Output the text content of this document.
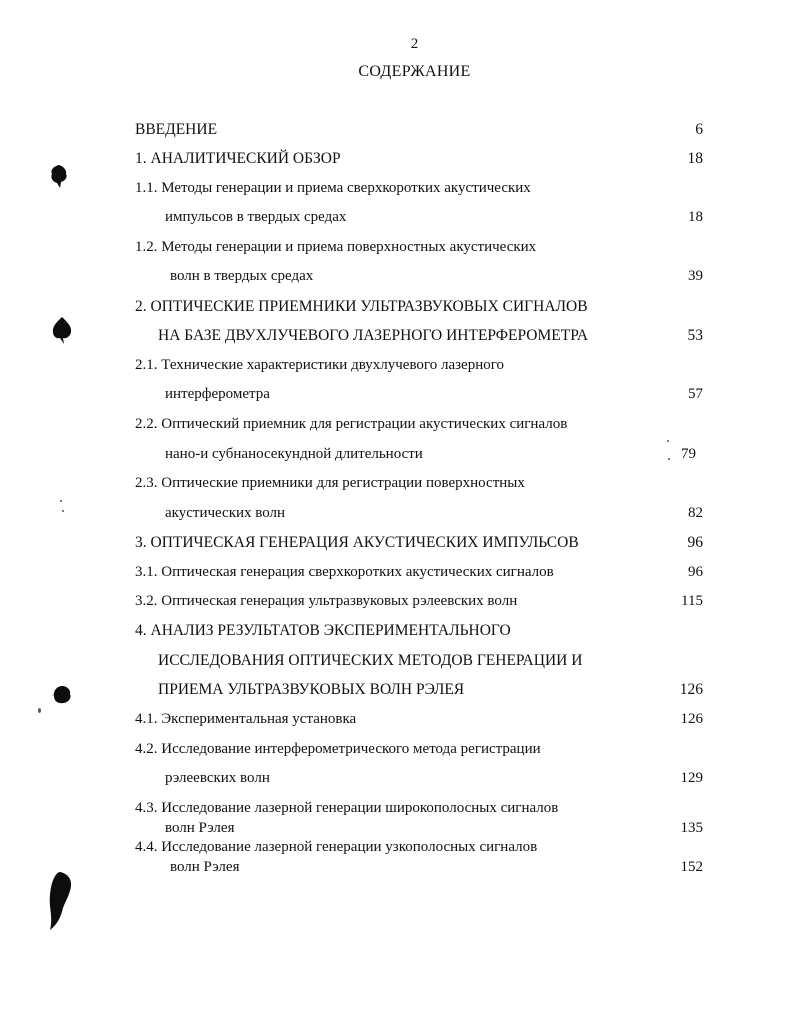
2
СОДЕРЖАНИЕ
ВВЕДЕНИЕ	6
1. АНАЛИТИЧЕСКИЙ ОБЗОР	18
1.1. Методы генерации и приема сверхкоротких акустических
импульсов в твердых средах	18
1.2. Методы генерации и приема поверхностных акустических
волн в твердых средах	39
2. ОПТИЧЕСКИЕ ПРИЕМНИКИ УЛЬТРАЗВУКОВЫХ СИГНАЛОВ
НА БАЗЕ ДВУХЛУЧЕВОГО ЛАЗЕРНОГО ИНТЕРФЕРОМЕТРА	53
2.1. Технические характеристики двухлучевого лазерного
интерферометра	57
2.2. Оптический приемник для регистрации акустических сигналов
нано-и субнаносекундной длительности	79
2.3. Оптические приемники для регистрации поверхностных
акустических волн	82
3. ОПТИЧЕСКАЯ ГЕНЕРАЦИЯ АКУСТИЧЕСКИХ ИМПУЛЬСОВ	96
3.1. Оптическая генерация сверхкоротких акустических сигналов	96
3.2. Оптическая генерация ультразвуковых рэлеевских волн	115
4. АНАЛИЗ РЕЗУЛЬТАТОВ ЭКСПЕРИМЕНТАЛЬНОГО
ИССЛЕДОВАНИЯ ОПТИЧЕСКИХ МЕТОДОВ ГЕНЕРАЦИИ И
ПРИЕМА УЛЬТРАЗВУКОВЫХ ВОЛН РЭЛЕЯ	126
4.1. Экспериментальная установка	126
4.2. Исследование интерферометрического метода регистрации
рэлеевских волн	129
4.3. Исследование лазерной генерации широкополосных сигналов
волн Рэлея	135
4.4. Исследование лазерной генерации узкополосных сигналов
волн Рэлея	152
